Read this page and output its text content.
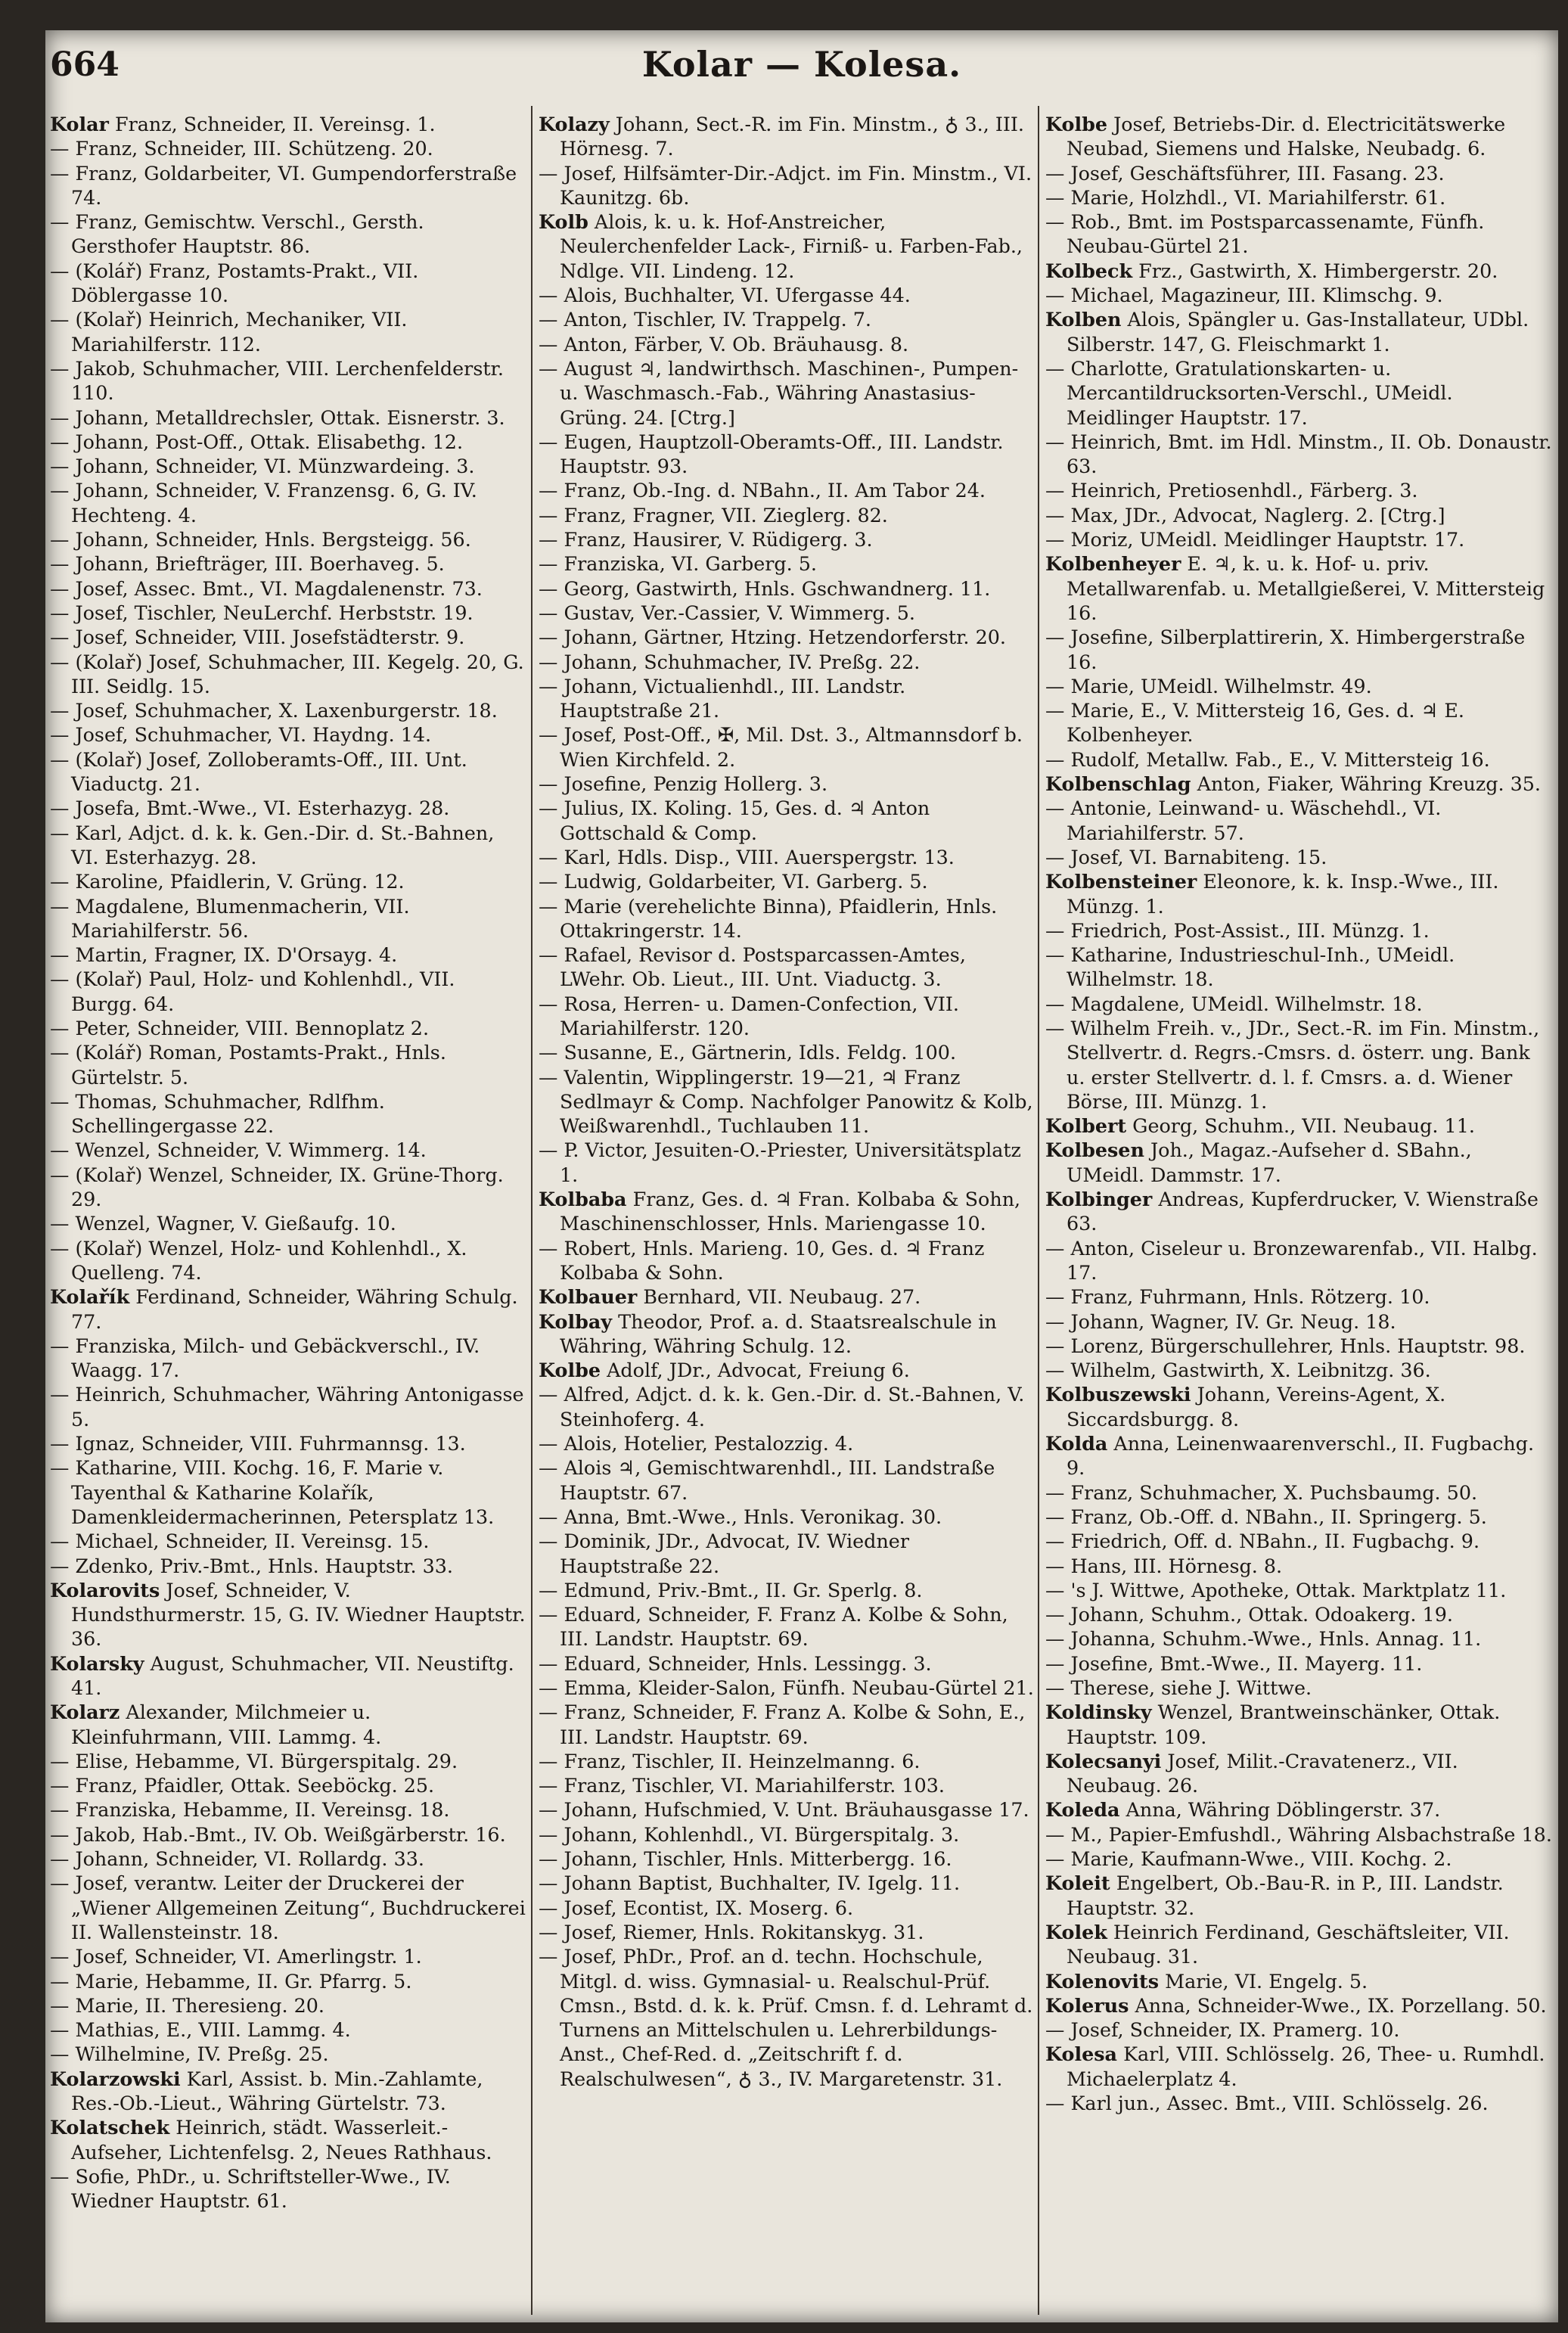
664	Kolar — Kolesa.

Kolar Franz, Schneider, II. Vereinsg. 1.

— Franz, Schneider, III. Schützeng. 20.

— Franz, Goldarbeiter, VI. Gumpendorferstraße 74.

— Franz, Gemischtw. Verschl., Gersth. Gersthofer Hauptstr. 86.

— (Kolář) Franz, Postamts-Prakt., VII. Döblergasse 10.

— (Kolař) Heinrich, Mechaniker, VII. Mariahilferstr. 112.

— Jakob, Schuhmacher, VIII. Lerchenfelderstr. 110.

— Johann, Metalldrechsler, Ottak. Eisnerstr. 3.

— Johann, Post-Off., Ottak. Elisabethg. 12.

— Johann, Schneider, VI. Münzwardeing. 3.

— Johann, Schneider, V. Franzensg. 6, G. IV. Hechteng. 4.

— Johann, Schneider, Hnls. Bergsteigg. 56.

— Johann, Briefträger, III. Boerhaveg. 5.

— Josef, Assec. Bmt., VI. Magdalenenstr. 73.

— Josef, Tischler, NeuLerchf. Herbststr. 19.

— Josef, Schneider, VIII. Josefstädterstr. 9.

— (Kolař) Josef, Schuhmacher, III. Kegelg. 20, G. III. Seidlg. 15.

— Josef, Schuhmacher, X. Laxenburgerstr. 18.

— Josef, Schuhmacher, VI. Haydng. 14.

— (Kolař) Josef, Zolloberamts-Off., III. Unt. Viaductg. 21.

— Josefa, Bmt.-Wwe., VI. Esterhazyg. 28.

— Karl, Adjct. d. k. k. Gen.-Dir. d. St.-Bahnen, VI. Esterhazyg. 28.

— Karoline, Pfaidlerin, V. Grüng. 12.

— Magdalene, Blumenmacherin, VII. Mariahilferstr. 56.

— Martin, Fragner, IX. D'Orsayg. 4.

— (Kolař) Paul, Holz- und Kohlenhdl., VII. Burgg. 64.

— Peter, Schneider, VIII. Bennoplatz 2.

— (Kolář) Roman, Postamts-Prakt., Hnls. Gürtelstr. 5.

— Thomas, Schuhmacher, Rdlfhm. Schellingergasse 22.

— Wenzel, Schneider, V. Wimmerg. 14.

— (Kolař) Wenzel, Schneider, IX. Grüne-Thorg. 29.

— Wenzel, Wagner, V. Gießaufg. 10.

— (Kolař) Wenzel, Holz- und Kohlenhdl., X. Quelleng. 74.

Kolařík Ferdinand, Schneider, Währing Schulg. 77.

— Franziska, Milch- und Gebäckverschl., IV. Waagg. 17.

— Heinrich, Schuhmacher, Währing Antonigasse 5.

— Ignaz, Schneider, VIII. Fuhrmannsg. 13.

— Katharine, VIII. Kochg. 16, F. Marie v. Tayenthal & Katharine Kolařík, Damenkleidermacherinnen, Petersplatz 13.

— Michael, Schneider, II. Vereinsg. 15.

— Zdenko, Priv.-Bmt., Hnls. Hauptstr. 33.

Kolarovits Josef, Schneider, V. Hundsthurmerstr. 15, G. IV. Wiedner Hauptstr. 36.

Kolarsky August, Schuhmacher, VII. Neustiftg. 41.

Kolarz Alexander, Milchmeier u. Kleinfuhrmann, VIII. Lammg. 4.

— Elise, Hebamme, VI. Bürgerspitalg. 29.

— Franz, Pfaidler, Ottak. Seeböckg. 25.

— Franziska, Hebamme, II. Vereinsg. 18.

— Jakob, Hab.-Bmt., IV. Ob. Weißgärberstr. 16.

— Johann, Schneider, VI. Rollardg. 33.

— Josef, verantw. Leiter der Druckerei der „Wiener Allgemeinen Zeitung“, Buchdruckerei II. Wallensteinstr. 18.

— Josef, Schneider, VI. Amerlingstr. 1.

— Marie, Hebamme, II. Gr. Pfarrg. 5.

— Marie, II. Theresieng. 20.

— Mathias, E., VIII. Lammg. 4.

— Wilhelmine, IV. Preßg. 25.

Kolarzowski Karl, Assist. b. Min.-Zahlamte, Res.-Ob.-Lieut., Währing Gürtelstr. 73.

Kolatschek Heinrich, städt. Wasserleit.-Aufseher, Lichtenfelsg. 2, Neues Rathhaus.

— Sofie, PhDr., u. Schriftsteller-Wwe., IV. Wiedner Hauptstr. 61.

Kolazy Johann, Sect.-R. im Fin. Minstm., ♁ 3., III. Hörnesg. 7.

— Josef, Hilfsämter-Dir.-Adjct. im Fin. Minstm., VI. Kaunitzg. 6b.

Kolb Alois, k. u. k. Hof-Anstreicher, Neulerchenfelder Lack-, Firniß- u. Farben-Fab., Ndlge. VII. Lindeng. 12.

— Alois, Buchhalter, VI. Ufergasse 44.

— Anton, Tischler, IV. Trappelg. 7.

— Anton, Färber, V. Ob. Bräuhausg. 8.

— August ♃, landwirthsch. Maschinen-, Pumpen- u. Waschmasch.-Fab., Währing Anastasius-Grüng. 24. [Ctrg.]

— Eugen, Hauptzoll-Oberamts-Off., III. Landstr. Hauptstr. 93.

— Franz, Ob.-Ing. d. NBahn., II. Am Tabor 24.

— Franz, Fragner, VII. Zieglerg. 82.

— Franz, Hausirer, V. Rüdigerg. 3.

— Franziska, VI. Garberg. 5.

— Georg, Gastwirth, Hnls. Gschwandnerg. 11.

— Gustav, Ver.-Cassier, V. Wimmerg. 5.

— Johann, Gärtner, Htzing. Hetzendorferstr. 20.

— Johann, Schuhmacher, IV. Preßg. 22.

— Johann, Victualienhdl., III. Landstr. Hauptstraße 21.

— Josef, Post-Off., ✠, Mil. Dst. 3., Altmannsdorf b. Wien Kirchfeld. 2.

— Josefine, Penzig Hollerg. 3.

— Julius, IX. Koling. 15, Ges. d. ♃ Anton Gottschald & Comp.

— Karl, Hdls. Disp., VIII. Auerspergstr. 13.

— Ludwig, Goldarbeiter, VI. Garberg. 5.

— Marie (verehelichte Binna), Pfaidlerin, Hnls. Ottakringerstr. 14.

— Rafael, Revisor d. Postsparcassen-Amtes, LWehr. Ob. Lieut., III. Unt. Viaductg. 3.

— Rosa, Herren- u. Damen-Confection, VII. Mariahilferstr. 120.

— Susanne, E., Gärtnerin, Idls. Feldg. 100.

— Valentin, Wipplingerstr. 19—21, ♃ Franz Sedlmayr & Comp. Nachfolger Panowitz & Kolb, Weißwarenhdl., Tuchlauben 11.

— P. Victor, Jesuiten-O.-Priester, Universitätsplatz 1.

Kolbaba Franz, Ges. d. ♃ Fran. Kolbaba & Sohn, Maschinenschlosser, Hnls. Mariengasse 10.

— Robert, Hnls. Marieng. 10, Ges. d. ♃ Franz Kolbaba & Sohn.

Kolbauer Bernhard, VII. Neubaug. 27.

Kolbay Theodor, Prof. a. d. Staatsrealschule in Währing, Währing Schulg. 12.

Kolbe Adolf, JDr., Advocat, Freiung 6.

— Alfred, Adjct. d. k. k. Gen.-Dir. d. St.-Bahnen, V. Steinhoferg. 4.

— Alois, Hotelier, Pestalozzig. 4.

— Alois ♃, Gemischtwarenhdl., III. Landstraße Hauptstr. 67.

— Anna, Bmt.-Wwe., Hnls. Veronikag. 30.

— Dominik, JDr., Advocat, IV. Wiedner Hauptstraße 22.

— Edmund, Priv.-Bmt., II. Gr. Sperlg. 8.

— Eduard, Schneider, F. Franz A. Kolbe & Sohn, III. Landstr. Hauptstr. 69.

— Eduard, Schneider, Hnls. Lessingg. 3.

— Emma, Kleider-Salon, Fünfh. Neubau-Gürtel 21.

— Franz, Schneider, F. Franz A. Kolbe & Sohn, E., III. Landstr. Hauptstr. 69.

— Franz, Tischler, II. Heinzelmanng. 6.

— Franz, Tischler, VI. Mariahilferstr. 103.

— Johann, Hufschmied, V. Unt. Bräuhausgasse 17.

— Johann, Kohlenhdl., VI. Bürgerspitalg. 3.

— Johann, Tischler, Hnls. Mitterbergg. 16.

— Johann Baptist, Buchhalter, IV. Igelg. 11.

— Josef, Econtist, IX. Moserg. 6.

— Josef, Riemer, Hnls. Rokitanskyg. 31.

— Josef, PhDr., Prof. an d. techn. Hochschule, Mitgl. d. wiss. Gymnasial- u. Realschul-Prüf. Cmsn., Bstd. d. k. k. Prüf. Cmsn. f. d. Lehramt d. Turnens an Mittelschulen u. Lehrerbildungs-Anst., Chef-Red. d. „Zeitschrift f. d. Realschulwesen“, ♁ 3., IV. Margaretenstr. 31.

Kolbe Josef, Betriebs-Dir. d. Electricitätswerke Neubad, Siemens und Halske, Neubadg. 6.

— Josef, Geschäftsführer, III. Fasang. 23.

— Marie, Holzhdl., VI. Mariahilferstr. 61.

— Rob., Bmt. im Postsparcassenamte, Fünfh. Neubau-Gürtel 21.

Kolbeck Frz., Gastwirth, X. Himbergerstr. 20.

— Michael, Magazineur, III. Klimschg. 9.

Kolben Alois, Spängler u. Gas-Installateur, UDbl. Silberstr. 147, G. Fleischmarkt 1.

— Charlotte, Gratulationskarten- u. Mercantildrucksorten-Verschl., UMeidl. Meidlinger Hauptstr. 17.

— Heinrich, Bmt. im Hdl. Minstm., II. Ob. Donaustr. 63.

— Heinrich, Pretiosenhdl., Färberg. 3.

— Max, JDr., Advocat, Naglerg. 2. [Ctrg.]

— Moriz, UMeidl. Meidlinger Hauptstr. 17.

Kolbenheyer E. ♃, k. u. k. Hof- u. priv. Metallwarenfab. u. Metallgießerei, V. Mittersteig 16.

— Josefine, Silberplattirerin, X. Himbergerstraße 16.

— Marie, UMeidl. Wilhelmstr. 49.

— Marie, E., V. Mittersteig 16, Ges. d. ♃ E. Kolbenheyer.

— Rudolf, Metallw. Fab., E., V. Mittersteig 16.

Kolbenschlag Anton, Fiaker, Währing Kreuzg. 35.

— Antonie, Leinwand- u. Wäschehdl., VI. Mariahilferstr. 57.

— Josef, VI. Barnabiteng. 15.

Kolbensteiner Eleonore, k. k. Insp.-Wwe., III. Münzg. 1.

— Friedrich, Post-Assist., III. Münzg. 1.

— Katharine, Industrieschul-Inh., UMeidl. Wilhelmstr. 18.

— Magdalene, UMeidl. Wilhelmstr. 18.

— Wilhelm Freih. v., JDr., Sect.-R. im Fin. Minstm., Stellvertr. d. Regrs.-Cmsrs. d. österr. ung. Bank u. erster Stellvertr. d. l. f. Cmsrs. a. d. Wiener Börse, III. Münzg. 1.

Kolbert Georg, Schuhm., VII. Neubaug. 11.

Kolbesen Joh., Magaz.-Aufseher d. SBahn., UMeidl. Dammstr. 17.

Kolbinger Andreas, Kupferdrucker, V. Wienstraße 63.

— Anton, Ciseleur u. Bronzewarenfab., VII. Halbg. 17.

— Franz, Fuhrmann, Hnls. Rötzerg. 10.

— Johann, Wagner, IV. Gr. Neug. 18.

— Lorenz, Bürgerschullehrer, Hnls. Hauptstr. 98.

— Wilhelm, Gastwirth, X. Leibnitzg. 36.

Kolbuszewski Johann, Vereins-Agent, X. Siccardsburgg. 8.

Kolda Anna, Leinenwaarenverschl., II. Fugbachg. 9.

— Franz, Schuhmacher, X. Puchsbaumg. 50.

— Franz, Ob.-Off. d. NBahn., II. Springerg. 5.

— Friedrich, Off. d. NBahn., II. Fugbachg. 9.

— Hans, III. Hörnesg. 8.

— 's J. Wittwe, Apotheke, Ottak. Marktplatz 11.

— Johann, Schuhm., Ottak. Odoakerg. 19.

— Johanna, Schuhm.-Wwe., Hnls. Annag. 11.

— Josefine, Bmt.-Wwe., II. Mayerg. 11.

— Therese, siehe J. Wittwe.

Koldinsky Wenzel, Brantweinschänker, Ottak. Hauptstr. 109.

Kolecsanyi Josef, Milit.-Cravatenerz., VII. Neubaug. 26.

Koleda Anna, Währing Döblingerstr. 37.

— M., Papier-Emfushdl., Währing Alsbachstraße 18.

— Marie, Kaufmann-Wwe., VIII. Kochg. 2.

Koleit Engelbert, Ob.-Bau-R. in P., III. Landstr. Hauptstr. 32.

Kolek Heinrich Ferdinand, Geschäftsleiter, VII. Neubaug. 31.

Kolenovits Marie, VI. Engelg. 5.

Kolerus Anna, Schneider-Wwe., IX. Porzellang. 50.

— Josef, Schneider, IX. Pramerg. 10.

Kolesa Karl, VIII. Schlösselg. 26, Thee- u. Rumhdl. Michaelerplatz 4.

— Karl jun., Assec. Bmt., VIII. Schlösselg. 26.
